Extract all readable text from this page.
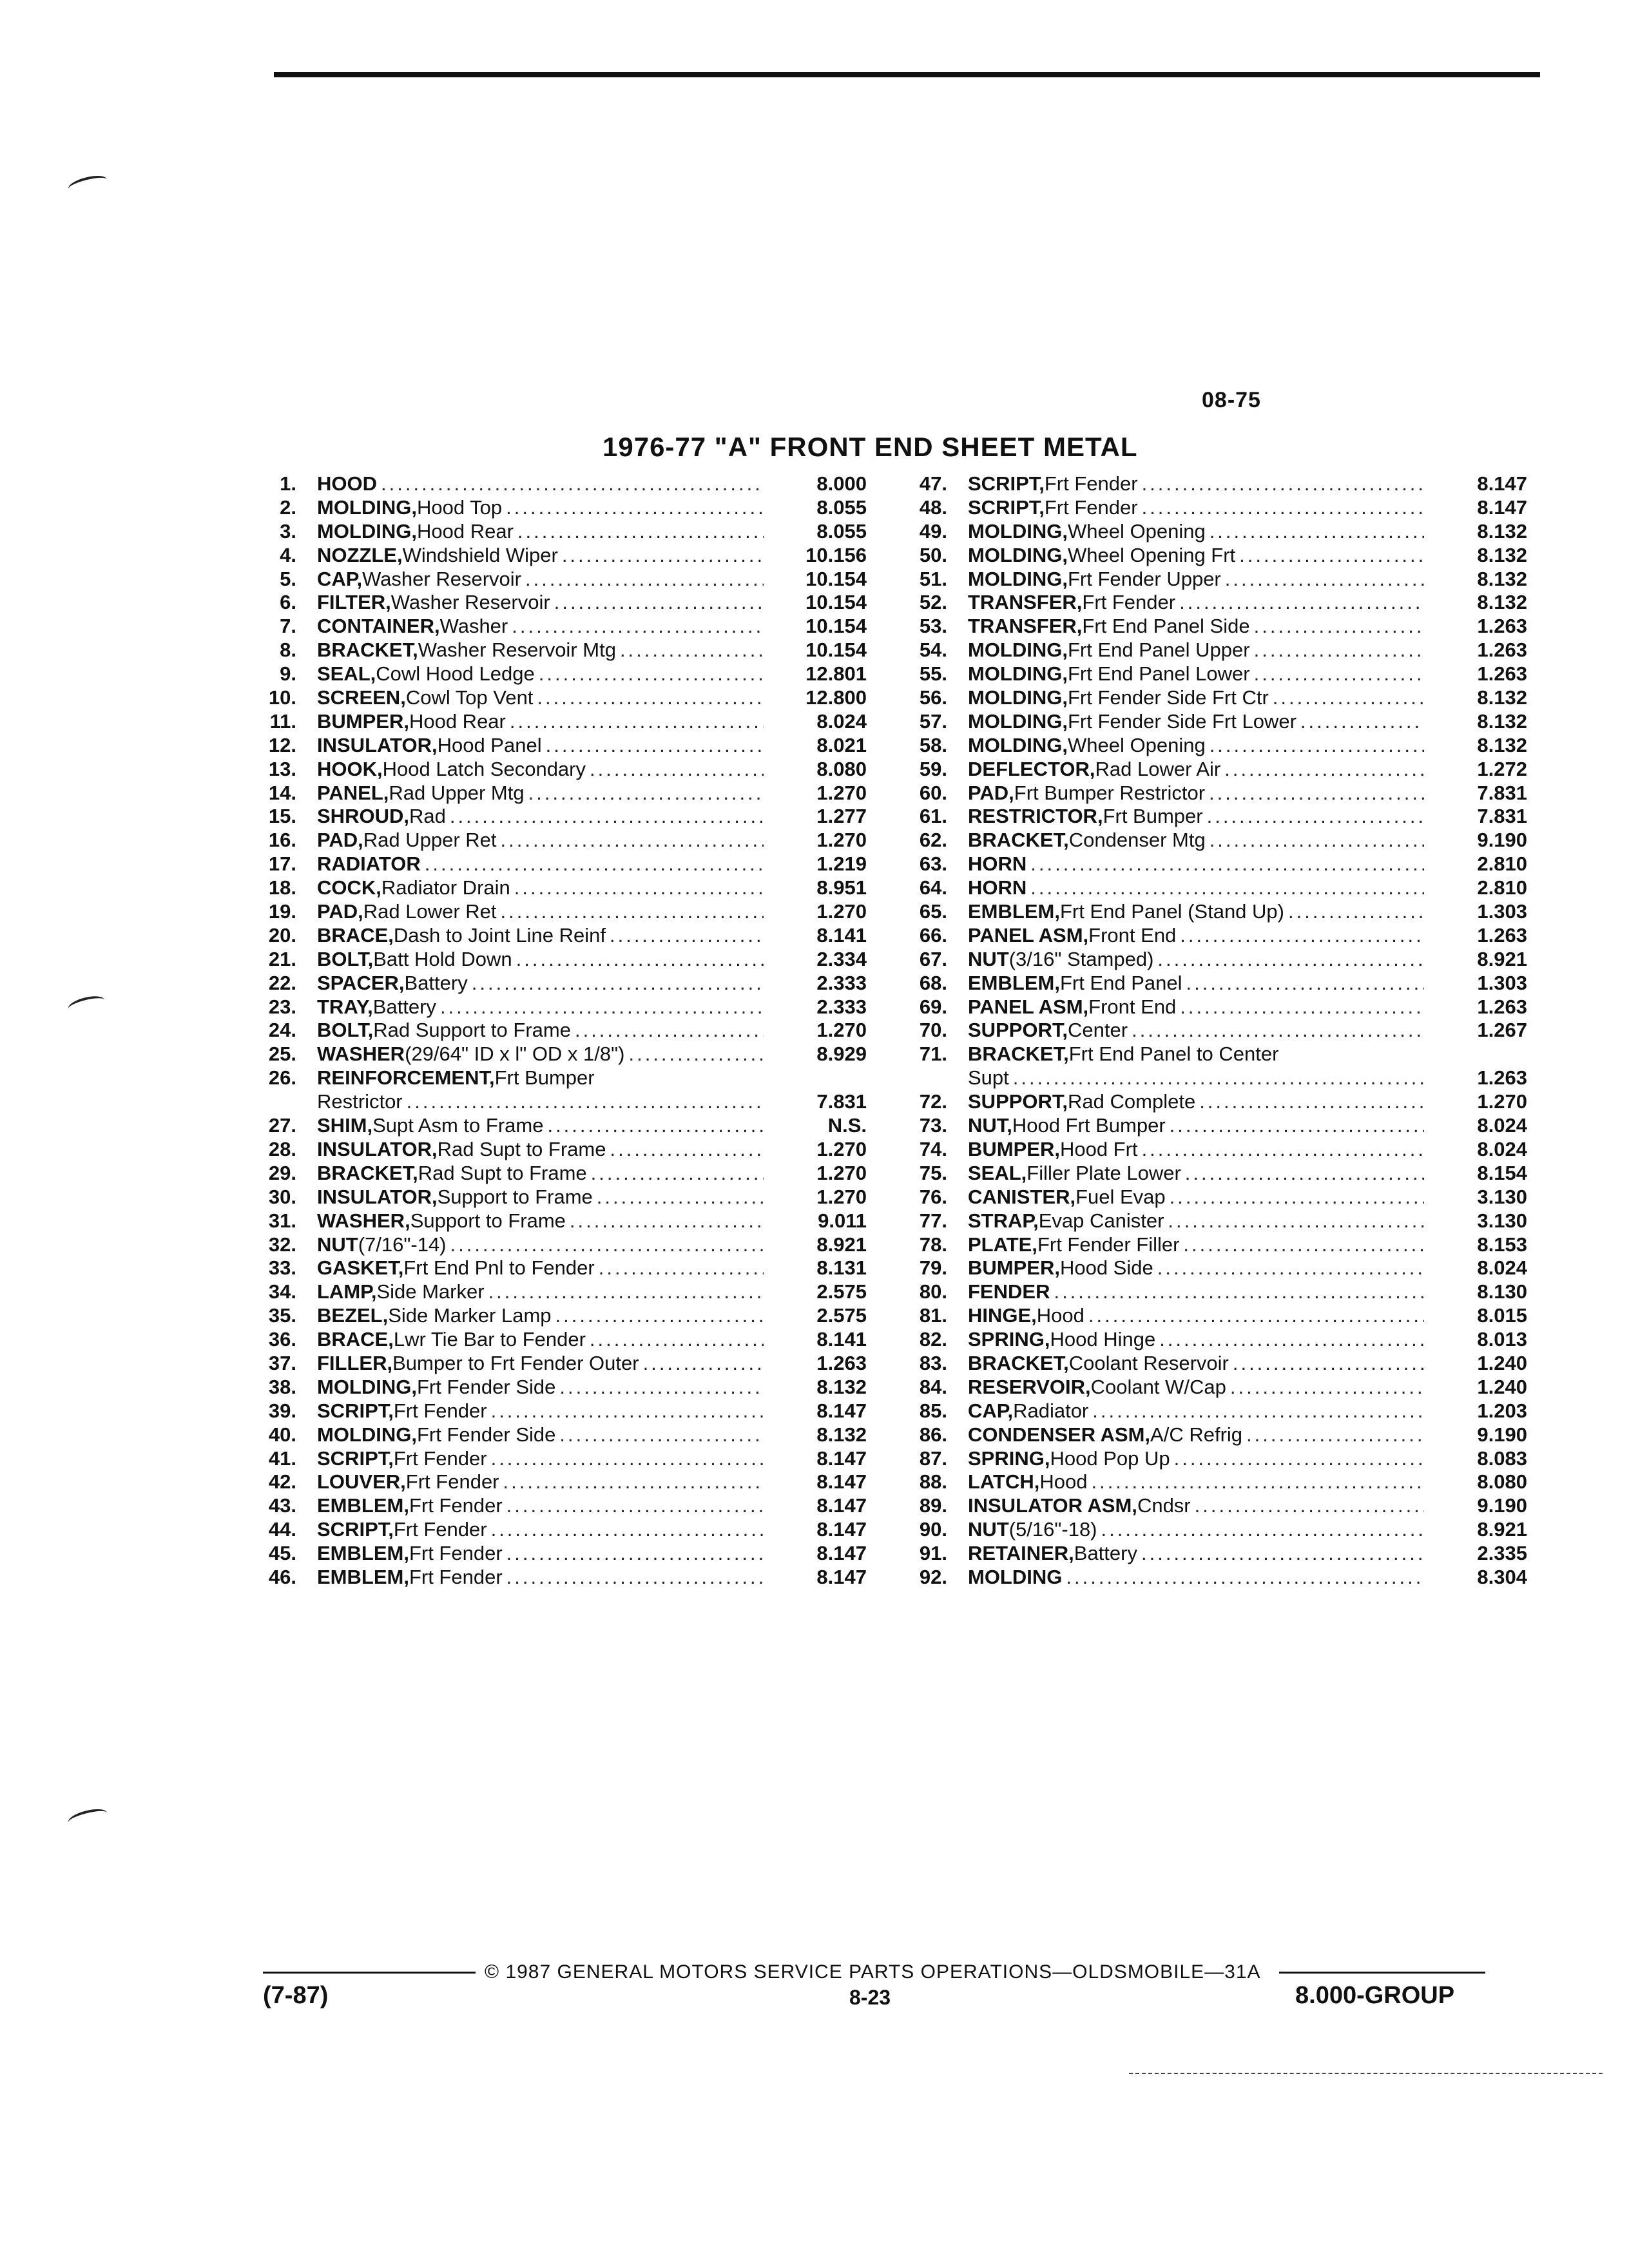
08-75
1976-77 "A" FRONT END SHEET METAL
1.	HOOD .....	8.000
2.	MOLDING, Hood Top .....	8.055
3.	MOLDING, Hood Rear .....	8.055
4.	NOZZLE, Windshield Wiper .....	10.156
5.	CAP, Washer Reservoir .....	10.154
6.	FILTER, Washer Reservoir .....	10.154
7.	CONTAINER, Washer .....	10.154
8.	BRACKET, Washer Reservoir Mtg .....	10.154
9.	SEAL, Cowl Hood Ledge .....	12.801
10.	SCREEN, Cowl Top Vent .....	12.800
11.	BUMPER, Hood Rear .....	8.024
12.	INSULATOR, Hood Panel .....	8.021
13.	HOOK, Hood Latch Secondary .....	8.080
14.	PANEL, Rad Upper Mtg .....	1.270
15.	SHROUD, Rad .....	1.277
16.	PAD, Rad Upper Ret .....	1.270
17.	RADIATOR .....	1.219
18.	COCK, Radiator Drain .....	8.951
19.	PAD, Rad Lower Ret .....	1.270
20.	BRACE, Dash to Joint Line Reinf .....	8.141
21.	BOLT, Batt Hold Down .....	2.334
22.	SPACER, Battery .....	2.333
23.	TRAY, Battery .....	2.333
24.	BOLT, Rad Support to Frame .....	1.270
25.	WASHER (29/64" ID x l" OD x 1/8") .....	8.929
26.	REINFORCEMENT, Frt Bumper
Restrictor .....	7.831
27.	SHIM, Supt Asm to Frame .....	N.S.
28.	INSULATOR, Rad Supt to Frame .....	1.270
29.	BRACKET, Rad Supt to Frame .....	1.270
30.	INSULATOR, Support to Frame .....	1.270
31.	WASHER, Support to Frame .....	9.011
32.	NUT (7/16"-14) .....	8.921
33.	GASKET, Frt End Pnl to Fender .....	8.131
34.	LAMP, Side Marker .....	2.575
35.	BEZEL, Side Marker Lamp .....	2.575
36.	BRACE, Lwr Tie Bar to Fender .....	8.141
37.	FILLER, Bumper to Frt Fender Outer .....	1.263
38.	MOLDING, Frt Fender Side .....	8.132
39.	SCRIPT, Frt Fender .....	8.147
40.	MOLDING, Frt Fender Side .....	8.132
41.	SCRIPT, Frt Fender .....	8.147
42.	LOUVER, Frt Fender .....	8.147
43.	EMBLEM, Frt Fender .....	8.147
44.	SCRIPT, Frt Fender .....	8.147
45.	EMBLEM, Frt Fender .....	8.147
46.	EMBLEM, Frt Fender .....	8.147
47.	SCRIPT, Frt Fender .....	8.147
48.	SCRIPT, Frt Fender .....	8.147
49.	MOLDING, Wheel Opening .....	8.132
50.	MOLDING, Wheel Opening Frt .....	8.132
51.	MOLDING, Frt Fender Upper .....	8.132
52.	TRANSFER, Frt Fender .....	8.132
53.	TRANSFER, Frt End Panel Side .....	1.263
54.	MOLDING, Frt End Panel Upper .....	1.263
55.	MOLDING, Frt End Panel Lower .....	1.263
56.	MOLDING, Frt Fender Side Frt Ctr .....	8.132
57.	MOLDING, Frt Fender Side Frt Lower .....	8.132
58.	MOLDING, Wheel Opening .....	8.132
59.	DEFLECTOR, Rad Lower Air .....	1.272
60.	PAD, Frt Bumper Restrictor .....	7.831
61.	RESTRICTOR, Frt Bumper .....	7.831
62.	BRACKET, Condenser Mtg .....	9.190
63.	HORN .....	2.810
64.	HORN .....	2.810
65.	EMBLEM, Frt End Panel (Stand Up) .....	1.303
66.	PANEL ASM, Front End .....	1.263
67.	NUT (3/16" Stamped) .....	8.921
68.	EMBLEM, Frt End Panel .....	1.303
69.	PANEL ASM, Front End .....	1.263
70.	SUPPORT, Center .....	1.267
71.	BRACKET, Frt End Panel to Center
Supt .....	1.263
72.	SUPPORT, Rad Complete .....	1.270
73.	NUT, Hood Frt Bumper .....	8.024
74.	BUMPER, Hood Frt .....	8.024
75.	SEAL, Filler Plate Lower .....	8.154
76.	CANISTER, Fuel Evap .....	3.130
77.	STRAP, Evap Canister .....	3.130
78.	PLATE, Frt Fender Filler .....	8.153
79.	BUMPER, Hood Side .....	8.024
80.	FENDER .....	8.130
81.	HINGE, Hood .....	8.015
82.	SPRING, Hood Hinge .....	8.013
83.	BRACKET, Coolant Reservoir .....	1.240
84.	RESERVOIR, Coolant W/Cap .....	1.240
85.	CAP, Radiator .....	1.203
86.	CONDENSER ASM, A/C Refrig .....	9.190
87.	SPRING, Hood Pop Up .....	8.083
88.	LATCH, Hood .....	8.080
89.	INSULATOR ASM, Cndsr .....	9.190
90.	NUT (5/16"-18) .....	8.921
91.	RETAINER, Battery .....	2.335
92.	MOLDING .....	8.304
© 1987 GENERAL MOTORS SERVICE PARTS OPERATIONS—OLDSMOBILE—31A
(7-87)	8-23	8.000-GROUP
